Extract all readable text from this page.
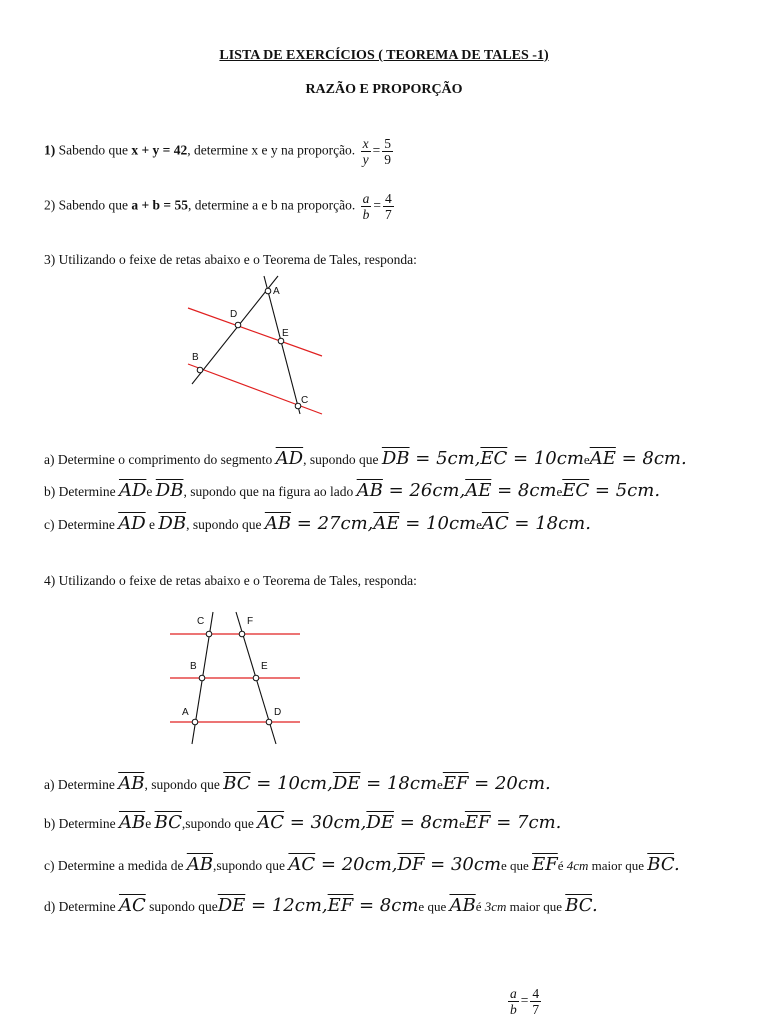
LISTA DE EXERCÍCIOS ( TEOREMA DE TALES -1)
RAZÃO E PROPORÇÃO
1) Sabendo que x + y = 42, determine x e y na proporção. $\frac{x}{y} = \frac{5}{9}$
2) Sabendo que a + b = 55, determine a e b na proporção. $\frac{a}{b} = \frac{4}{7}$
3) Utilizando o feixe de retas abaixo e o Teorema de Tales, responda:
A
D
E
B
C
a) Determine o comprimento do segmento $\overline{AD}$, supondo que $\overline{DB} = 5cm,\overline{EC} = 10cme\overline{AE} = 8cm$.
b) Determine $\overline{AD}e$ $\overline{DB}$, supondo que na figura ao lado $\overline{AB} = 26cm,\overline{AE} = 8cme\overline{EC} = 5cm$.
c) Determine $\overline{AD}$ e $\overline{DB}$, supondo que $\overline{AB} = 27cm,\overline{AE} = 10cme\overline{AC} = 18cm$.
4) Utilizando o feixe de retas abaixo e o Teorema de Tales, responda:
C	F
B	E
A	D
a) Determine $\overline{AB}$, supondo que $\overline{BC} = 10cm,\overline{DE} = 18cme\overline{EF} = 20cm$.
b) Determine $\overline{AB}e$ $\overline{BC},supondo$ que $\overline{AC} = 30cm,\overline{DE} = 8cme\overline{EF} = 7cm$.
c) Determine a medida de $\overline{AB},supondo$ que $\overline{AC} = 20cm,\overline{DF} = 30cme$ que $\overline{EF}é$ 4cm maior que $\overline{BC}$.
d) Determine $\overline{AC}$ supondo $que\overline{DE} = 12cm,\overline{EF} = 8cme$ que $\overline{AB}é$ 3cm maior que $\overline{BC}$.
$\frac{a}{b} = \frac{4}{7}$
